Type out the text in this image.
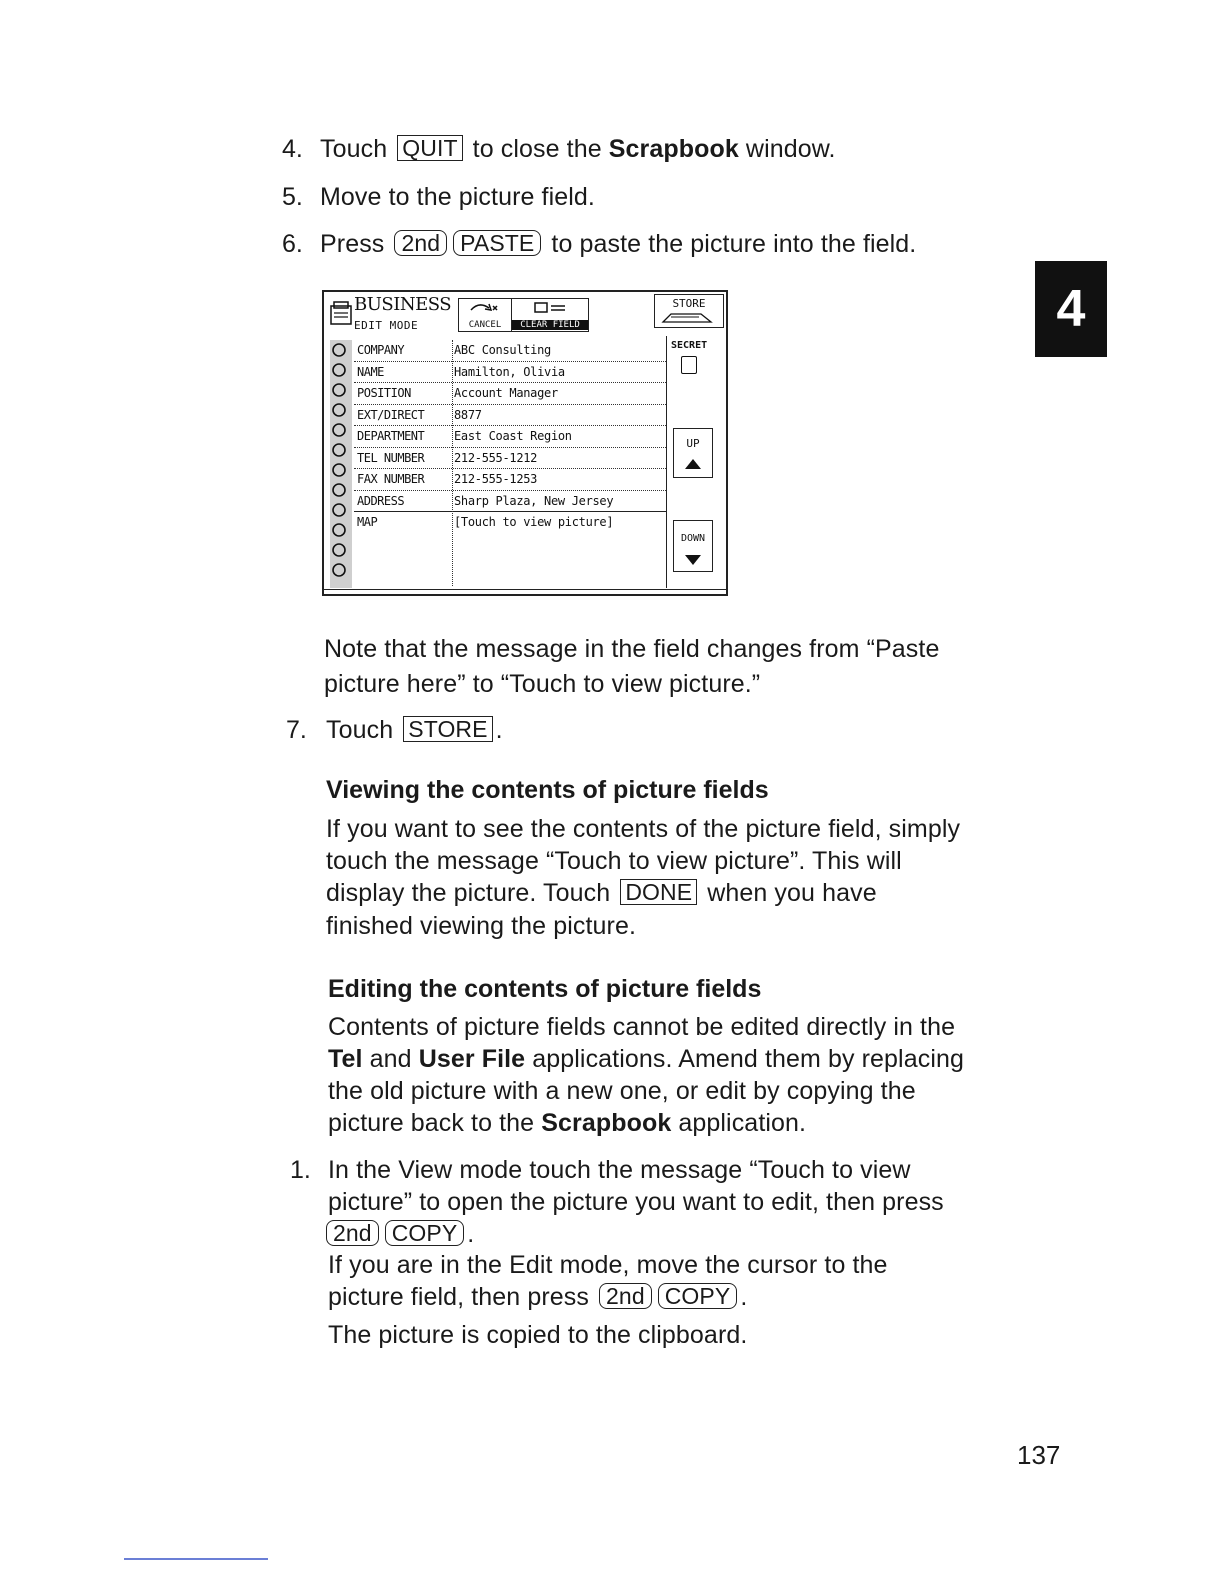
4. Touch QUIT to close the Scrapbook window.
5. Move to the picture field.
6. Press 2nd PASTE to paste the picture into the field.
4
BUSINESS
EDIT MODE	CANCEL	CLEAR FIELD
STORE
COMPANY	ABC Consulting
NAME	Hamilton, Olivia
POSITION	Account Manager
EXT/DIRECT 8877
DEPARTMENT East Coast Region
TEL NUMBER 212-555-1212
FAX NUMBER 212-555-1253
ADDRESS	Sharp Plaza, New Jersey
MAP	[Touch to view picture]
SECRET
UP
DOWN
Note that the message in the field changes from “Paste
picture here” to “Touch to view picture.”
7. Touch STORE .
Viewing the contents of picture fields
If you want to see the contents of the picture field, simply
touch the message “Touch to view picture”. This will
display the picture. Touch DONE when you have
finished viewing the picture.
Editing the contents of picture fields
Contents of picture fields cannot be edited directly in the
Tel and User File applications. Amend them by replacing
the old picture with a new one, or edit by copying the
picture back to the Scrapbook application.
1. In the View mode touch the message “Touch to view
picture” to open the picture you want to edit, then press
2nd COPY .
If you are in the Edit mode, move the cursor to the
picture field, then press 2nd COPY .
The picture is copied to the clipboard.
137
